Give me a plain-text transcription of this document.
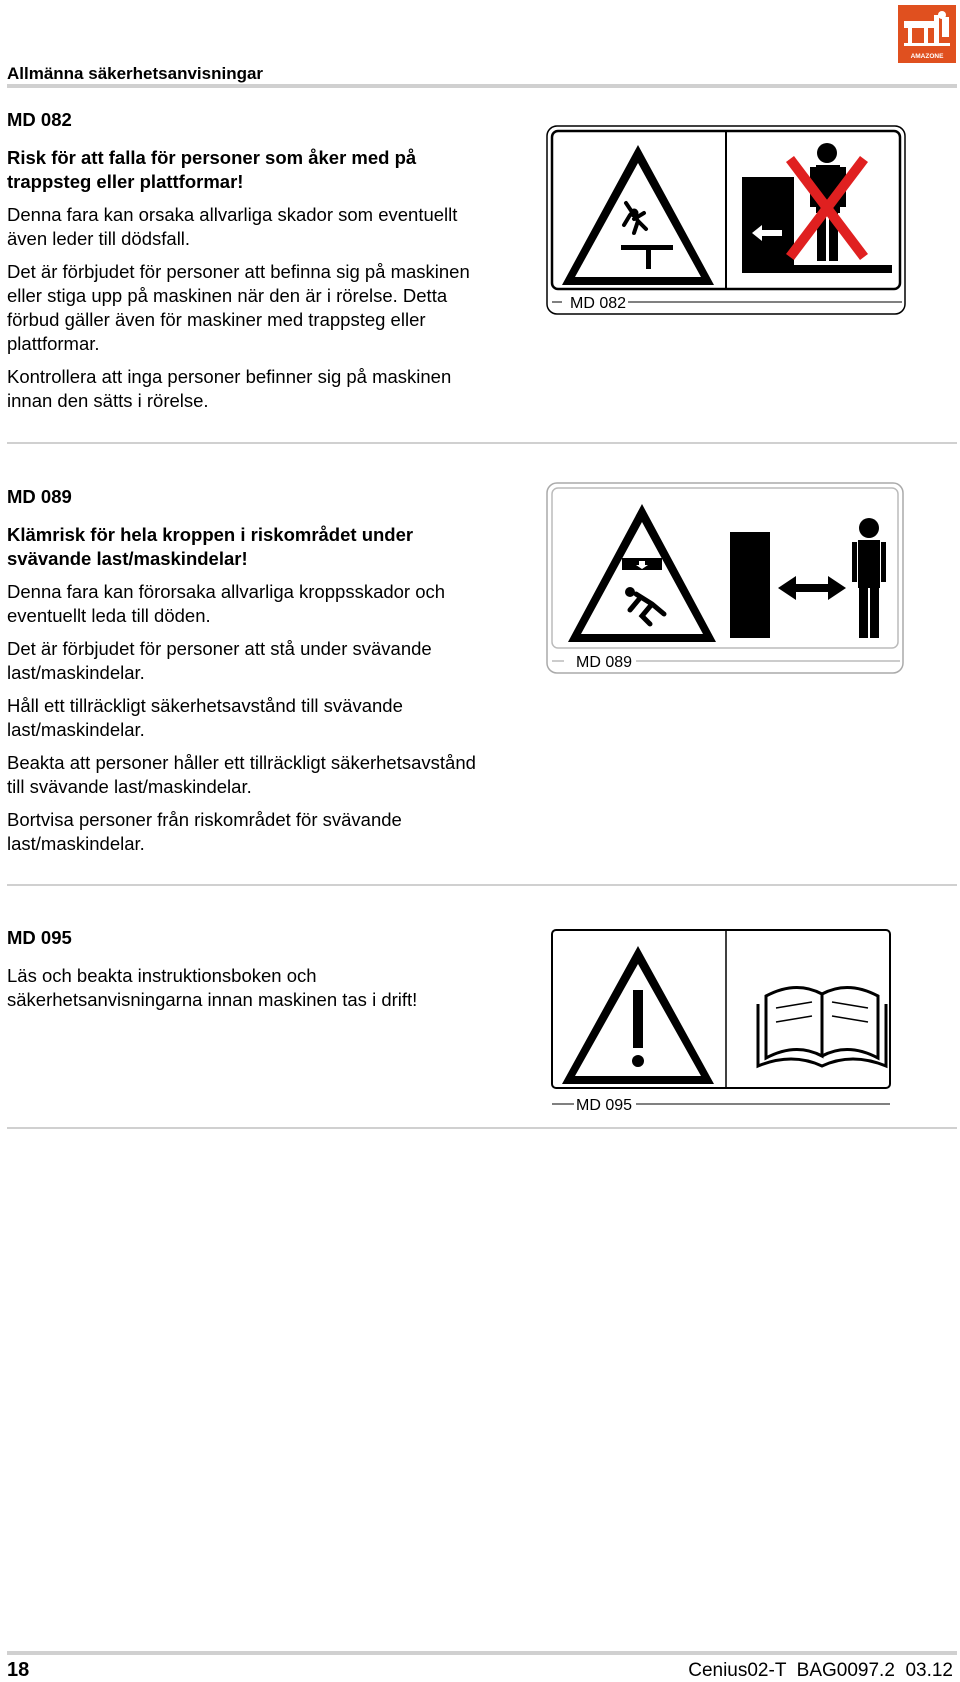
Allmänna säkerhetsanvisningar
AMAZONE
MD 082
Risk för att falla för personer som åker med på trappsteg eller plattformar!

Denna fara kan orsaka allvarliga skador som eventuellt även leder till dödsfall.

Det är förbjudet för personer att befinna sig på maskinen eller stiga upp på maskinen när den är i rörelse. Detta förbud gäller även för maskiner med trappsteg eller plattformar.

Kontrollera att inga personer befinner sig på maskinen innan den sätts i rörelse.

MD 082
MD 089
Klämrisk för hela kroppen i riskområdet under svävande last/maskindelar!

Denna fara kan förorsaka allvarliga kroppsskador och eventuellt leda till döden.

Det är förbjudet för personer att stå under svävande last/maskindelar.

Håll ett tillräckligt säkerhetsavstånd till svävande last/maskindelar.

Beakta att personer håller ett tillräckligt säkerhetsavstånd till svävande last/maskindelar.

Bortvisa personer från riskområdet för svävande last/maskindelar.

MD 089
MD 095

Läs och beakta instruktionsboken och säkerhetsanvisningarna innan maskinen tas i drift!

MD 095
18	Cenius02-T  BAG0097.2  03.12
